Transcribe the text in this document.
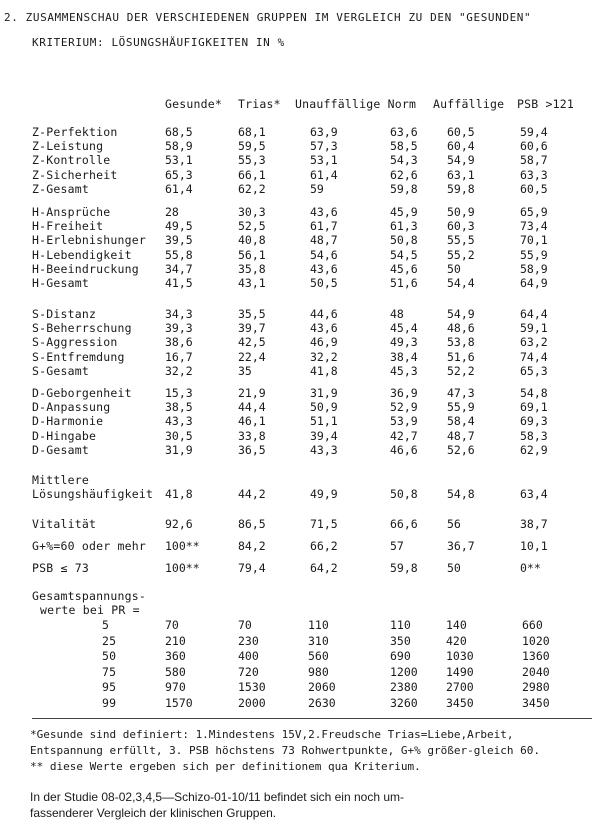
2. ZUSAMMENSCHAU DER VERSCHIEDENEN GRUPPEN IM VERGLEICH ZU DEN "GESUNDEN"
KRITERIUM: LÖSUNGSHÄUFIGKEITEN IN %
Gesunde* Trias* Unauffällige Norm Auffällige PSB >121
Z-Perfektion	68,5	68,1	63,9	63,6	60,5	59,4
Z-Leistung	58,9	59,5	57,3	58,5	60,4	60,6
Z-Kontrolle	53,1	55,3	53,1	54,3	54,9	58,7
Z-Sicherheit	65,3	66,1	61,4	62,6	63,1	63,3
Z-Gesamt	61,4	62,2	59	59,8	59,8	60,5
H-Ansprüche	28	30,3	43,6	45,9	50,9	65,9
H-Freiheit	49,5	52,5	61,7	61,3	60,3	73,4
H-Erlebnishunger 39,5	40,8	48,7	50,8	55,5	70,1
H-Lebendigkeit	55,8	56,1	54,6	54,5	55,2	55,9
H-Beeindruckung 34,7	35,8	43,6	45,6	50	58,9
H-Gesamt	41,5	43,1	50,5	51,6	54,4	64,9
S-Distanz	34,3	35,5	44,6	48	54,9	64,4
S-Beherrschung	39,3	39,7	43,6	45,4	48,6	59,1
S-Aggression	38,6	42,5	46,9	49,3	53,8	63,2
S-Entfremdung	16,7	22,4	32,2	38,4	51,6	74,4
S-Gesamt	32,2	35	41,8	45,3	52,2	65,3
D-Geborgenheit	15,3	21,9	31,9	36,9	47,3	54,8
D-Anpassung	38,5	44,4	50,9	52,9	55,9	69,1
D-Harmonie	43,3	46,1	51,1	53,9	58,4	69,3
D-Hingabe	30,5	33,8	39,4	42,7	48,7	58,3
D-Gesamt	31,9	36,5	43,3	46,6	52,6	62,9
Mittlere
Lösungshäufigkeit 41,8	44,2	49,9	50,8	54,8	63,4
Vitalität	92,6	86,5	71,5	66,6	56	38,7
G+%=60 oder mehr 100**	84,2	66,2	57	36,7	10,1
PSB ≤ 73	100**	79,4	64,2	59,8	50	0**
Gesamtspannungs-
werte bei PR =
5	70	70	110	110	140	660
25	210	230	310	350	420	1020
50	360	400	560	690	1030	1360
75	580	720	980	1200 1490	2040
95	970	1530	2060	2380 2700	2980
99	1570	2000	2630	3260 3450	3450
*Gesunde sind definiert: 1.Mindestens 15V,2.Freudsche Trias=Liebe,Arbeit,
Entspannung erfüllt, 3. PSB höchstens 73 Rohwertpunkte, G+% größer-gleich 60.
** diese Werte ergeben sich per definitionem qua Kriterium.
In der Studie 08-02,3,4,5—Schizo-01-10/11 befindet sich ein noch um-
fassenderer Vergleich der klinischen Gruppen.
